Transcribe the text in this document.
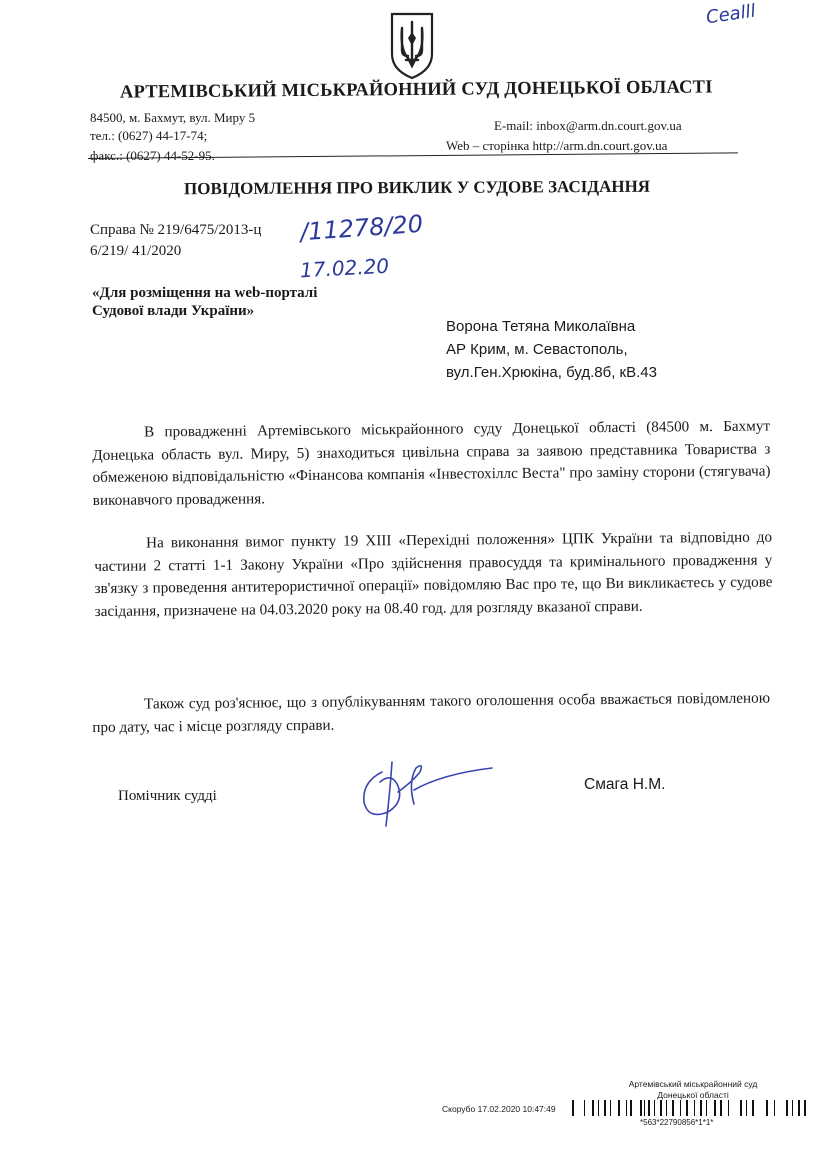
Cealll
АРТЕМІВСЬКИЙ МІСЬКРАЙОННИЙ СУД ДОНЕЦЬКОЇ ОБЛАСТІ
84500, м. Бахмут, вул. Миру 5
тел.: (0627) 44-17-74;
факс.: (0627) 44-52-95.
E-mail: inbox@arm.dn.court.gov.ua
Web – сторінка http://arm.dn.court.gov.ua
ПОВІДОМЛЕННЯ ПРО ВИКЛИК У СУДОВЕ ЗАСІДАННЯ
Справа № 219/6475/2013-ц
6/219/ 41/2020
/11278/20
17.02.20
«Для розміщення на web-порталі
Судової влади України»
Ворона Тетяна Миколаївна
АР Крим, м. Севастополь,
вул.Ген.Хрюкіна, буд.8б, кВ.43
В провадженні Артемівського міськрайонного суду Донецької області (84500 м. Бахмут Донецька область вул. Миру, 5) знаходиться цивільна справа за заявою представника Товариства з обмеженою відповідальністю «Фінансова компанія «Інвестохіллс Веста" про заміну сторони (стягувача) виконавчого провадження.
На виконання вимог пункту 19 XIII «Перехідні положення» ЦПК України та відповідно до частини 2 статті 1-1 Закону України «Про здійснення правосуддя та кримінального провадження у зв'язку з проведення антитерористичної операції» повідомляю Вас про те, що Ви викликаєтесь у судове засідання, призначене на 04.03.2020 року на 08.40 год. для розгляду вказаної справи.
Також суд роз'яснює, що з опублікуванням такого оголошення особа вважається повідомленою про дату, час і місце розгляду справи.
Помічник судді
Смага Н.М.
Артемівський міськрайонний суд Донецької області
Скорубо 17.02.2020 10:47:49
*563*22790856*1*1*
